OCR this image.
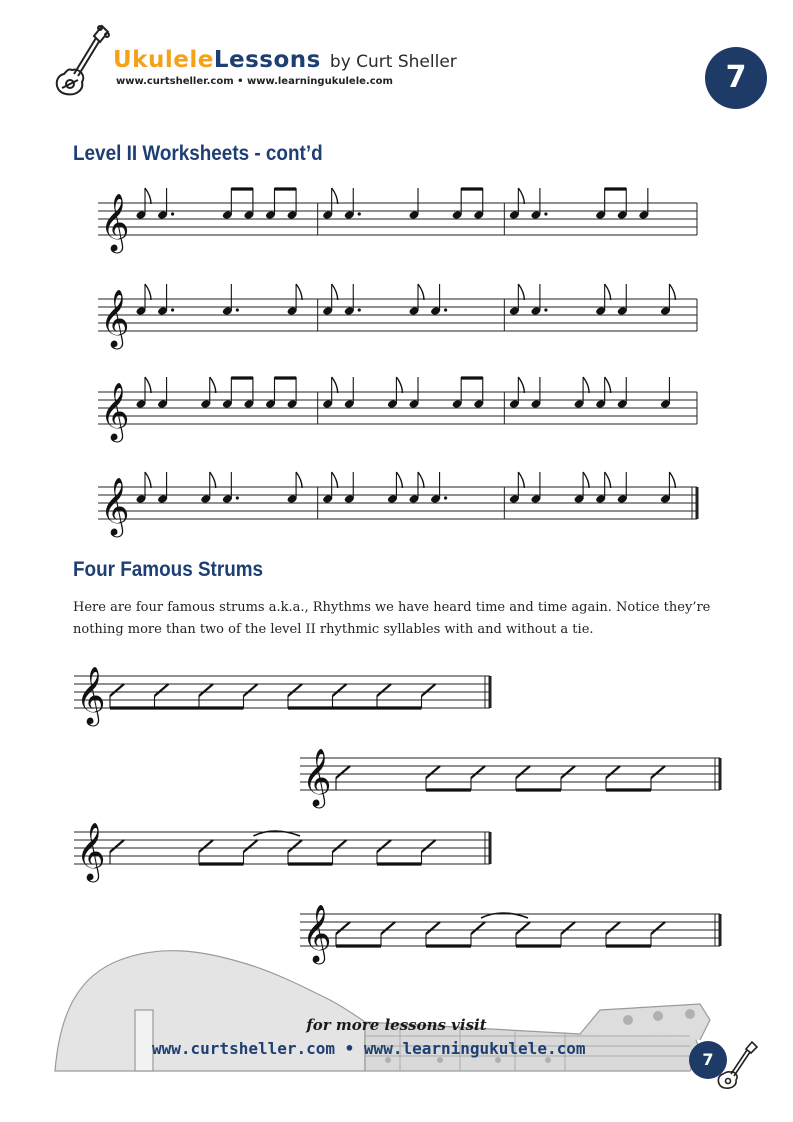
UkuleleLessons by Curt Sheller
www.curtsheller.com • www.learningukulele.com	7
Level II Worksheets - cont’d
Four Famous Strums

Here are four famous strums a.k.a., Rhythms we have heard time and time again. Notice they’re nothing more than two of the level II rhythmic syllables with and without a tie.

𝄞
𝄞
𝄞
𝄞
𝄞
𝄞
𝄞
𝄞
for more lessons visit
www.curtsheller.com • www.learningukulele.com
7
